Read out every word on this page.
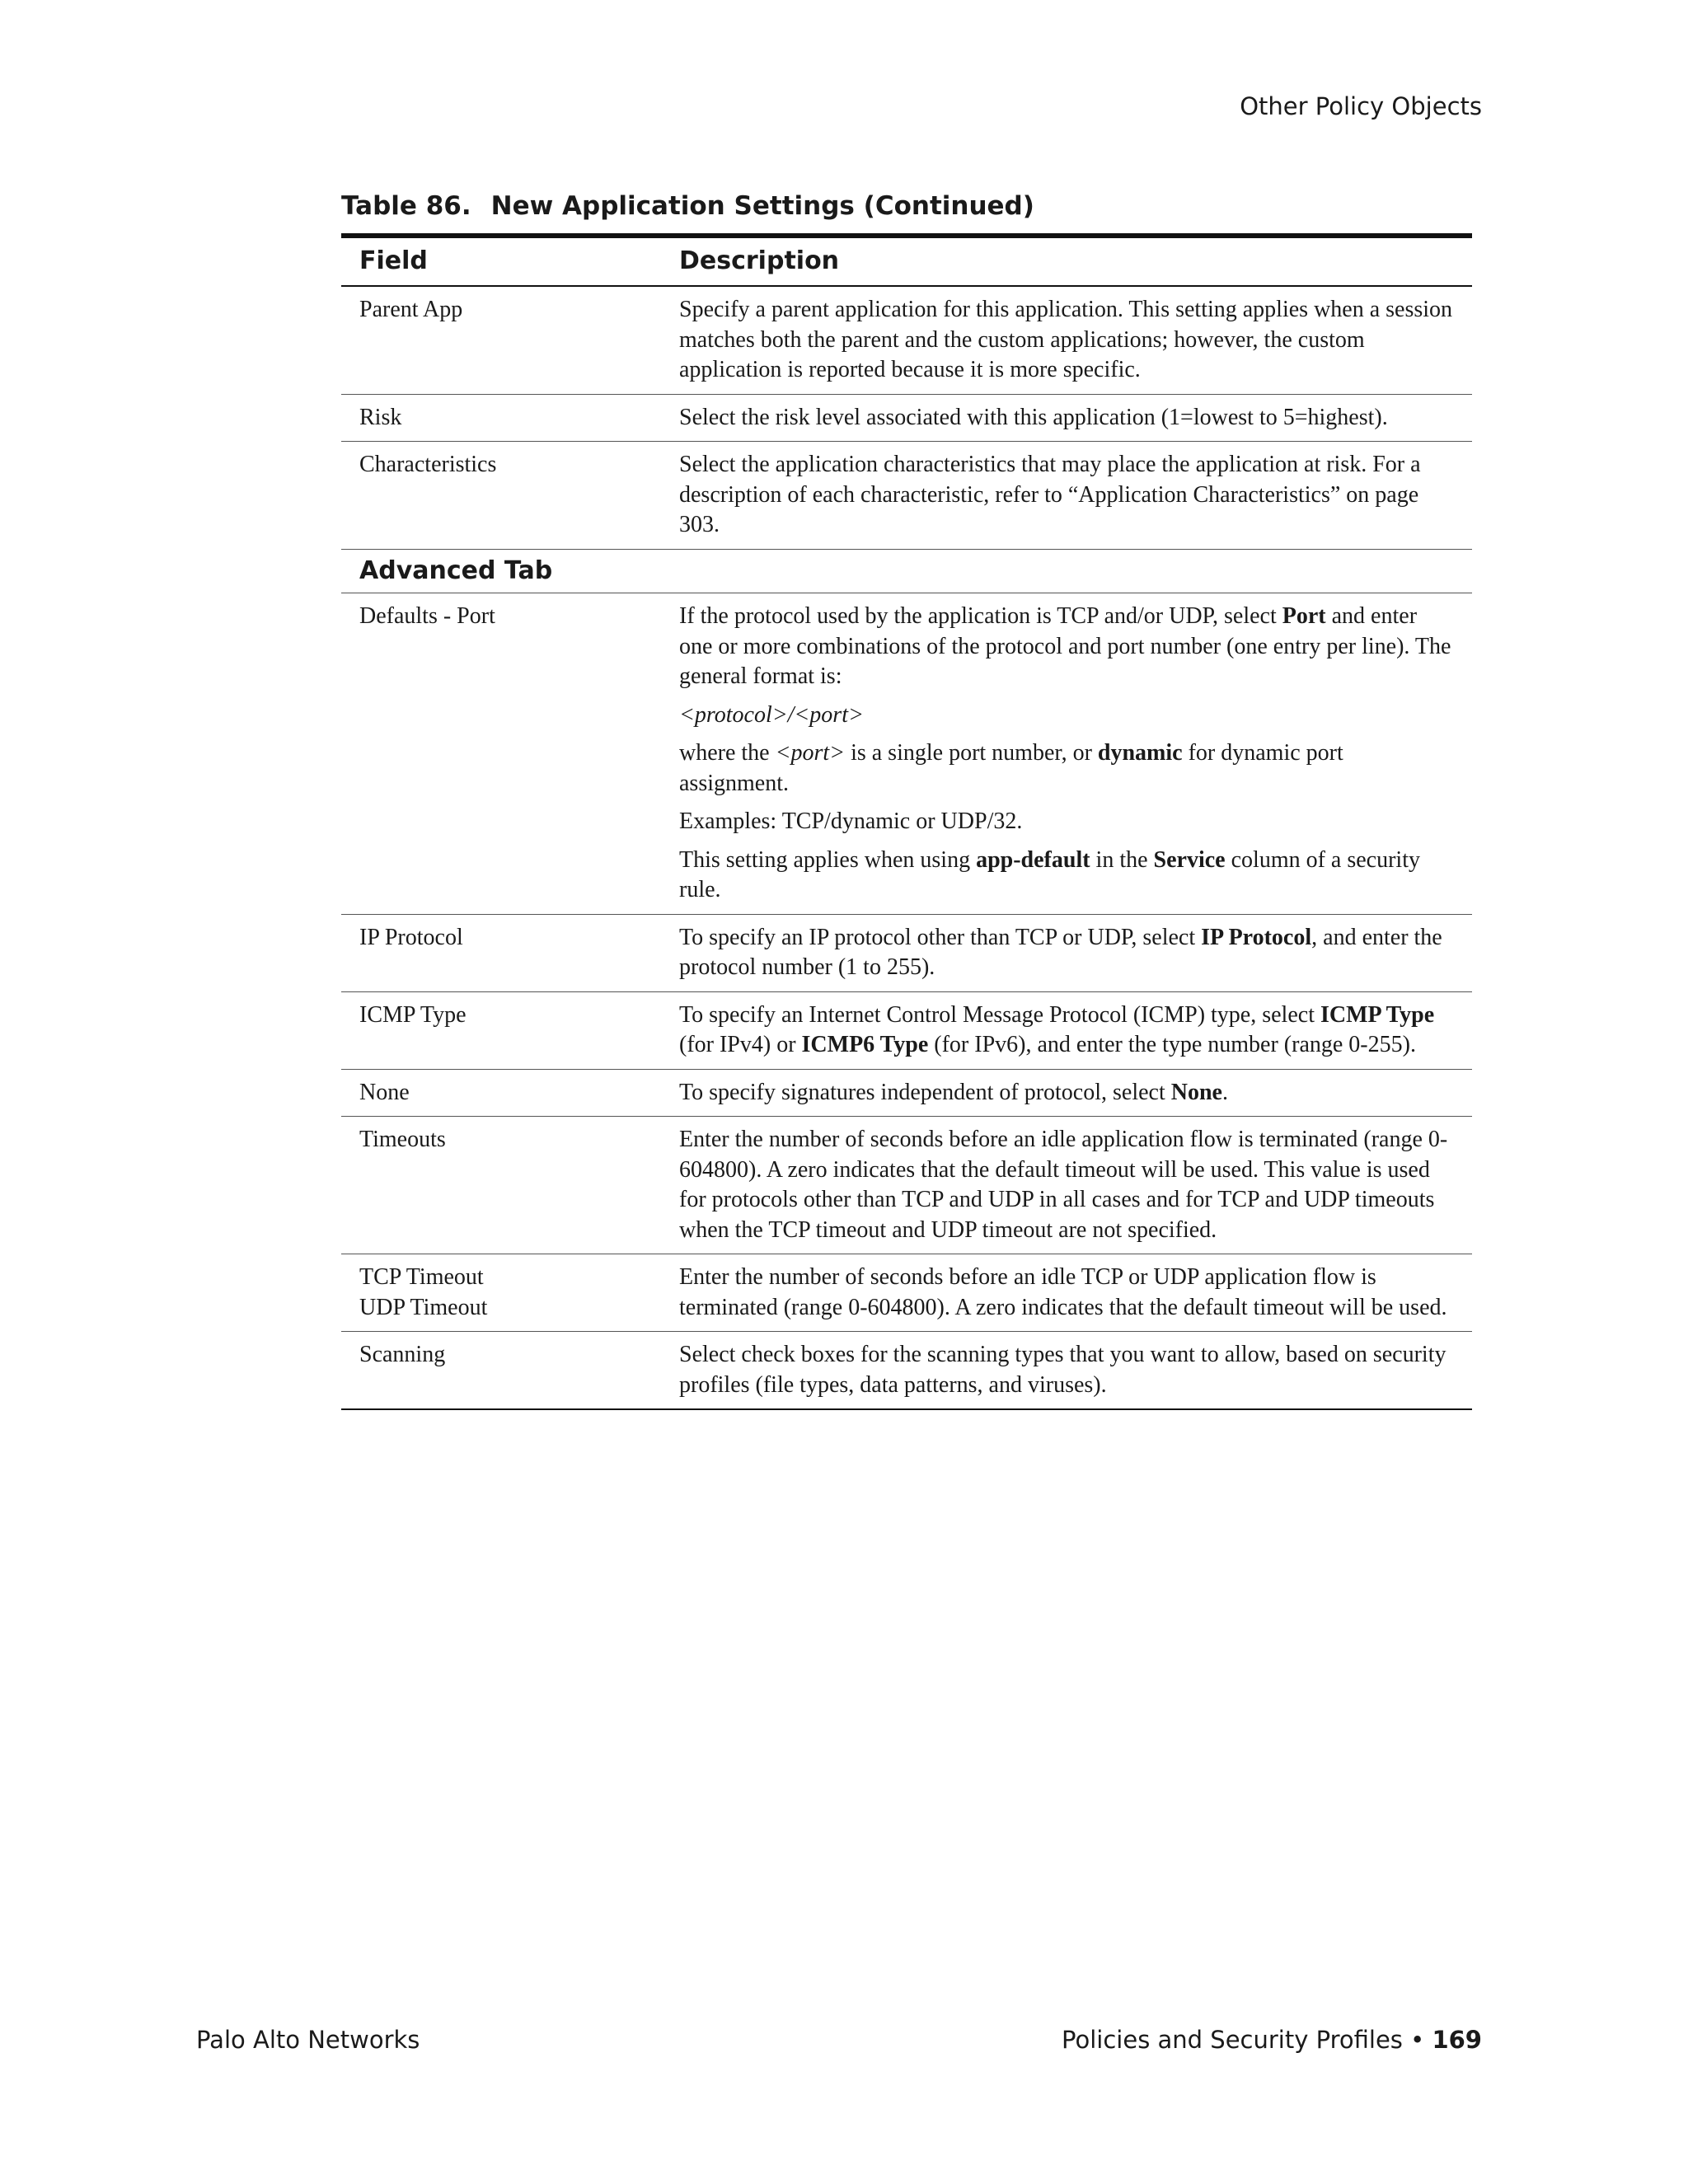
Other Policy Objects
Table 86. New Application Settings (Continued)
Field	Description
Parent App	Specify a parent application for this application. This setting applies when a session matches both the parent and the custom applications; however, the custom application is reported because it is more specific.
Risk	Select the risk level associated with this application (1=lowest to 5=highest).
Characteristics	Select the application characteristics that may place the application at risk. For a description of each characteristic, refer to “Application Characteristics” on page 303.
Advanced Tab	
Defaults - Port	If the protocol used by the application is TCP and/or UDP, select Port and enter one or more combinations of the protocol and port number (one entry per line). The general format is:

<protocol>/<port>

where the <port> is a single port number, or dynamic for dynamic port assignment.

Examples: TCP/dynamic or UDP/32.

This setting applies when using app-default in the Service column of a security rule.

IP Protocol	To specify an IP protocol other than TCP or UDP, select IP Protocol, and enter the protocol number (1 to 255).
ICMP Type	To specify an Internet Control Message Protocol (ICMP) type, select ICMP Type (for IPv4) or ICMP6 Type (for IPv6), and enter the type number (range 0-255).
None	To specify signatures independent of protocol, select None.
Timeouts	Enter the number of seconds before an idle application flow is terminated (range 0-604800). A zero indicates that the default timeout will be used. This value is used for protocols other than TCP and UDP in all cases and for TCP and UDP timeouts when the TCP timeout and UDP timeout are not specified.

TCP Timeout
UDP Timeout	Enter the number of seconds before an idle TCP or UDP application flow is terminated (range 0-604800). A zero indicates that the default timeout will be used.
Scanning	Select check boxes for the scanning types that you want to allow, based on security profiles (file types, data patterns, and viruses).
Palo Alto Networks	Policies and Security Profiles • 169
